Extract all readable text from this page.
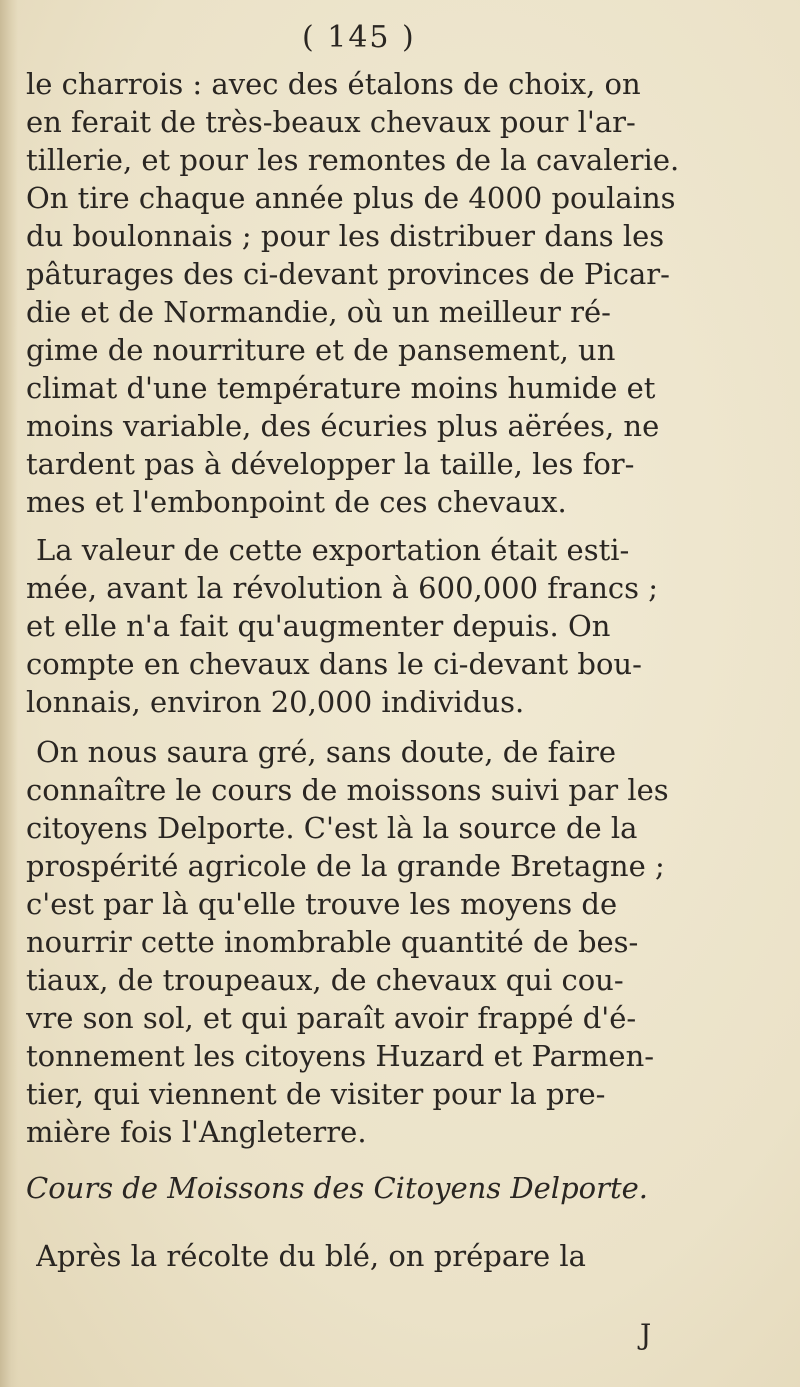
( 145 )
le charrois : avec des étalons de choix, on
en ferait de très-beaux chevaux pour l'ar-
tillerie, et pour les remontes de la cavalerie.
On tire chaque année plus de 4000 poulains
du boulonnais ; pour les distribuer dans les
pâturages des ci-devant provinces de Picar-
die et de Normandie, où un meilleur ré-
gime de nourriture et de pansement, un
climat d'une température moins humide et
moins variable, des écuries plus aërées, ne
tardent pas à développer la taille, les for-
mes et l'embonpoint de ces chevaux.
La valeur de cette exportation était esti-
mée, avant la révolution à 600,000 francs ;
et elle n'a fait qu'augmenter depuis. On
compte en chevaux dans le ci-devant bou-
lonnais, environ 20,000 individus.
On nous saura gré, sans doute, de faire
connaître le cours de moissons suivi par les
citoyens Delporte. C'est là la source de la
prospérité agricole de la grande Bretagne ;
c'est par là qu'elle trouve les moyens de
nourrir cette inombrable quantité de bes-
tiaux, de troupeaux, de chevaux qui cou-
vre son sol, et qui paraît avoir frappé d'é-
tonnement les citoyens Huzard et Parmen-
tier, qui viennent de visiter pour la pre-
mière fois l'Angleterre.
Cours de Moissons des Citoyens Delporte.
Après la récolte du blé, on prépare la
J
